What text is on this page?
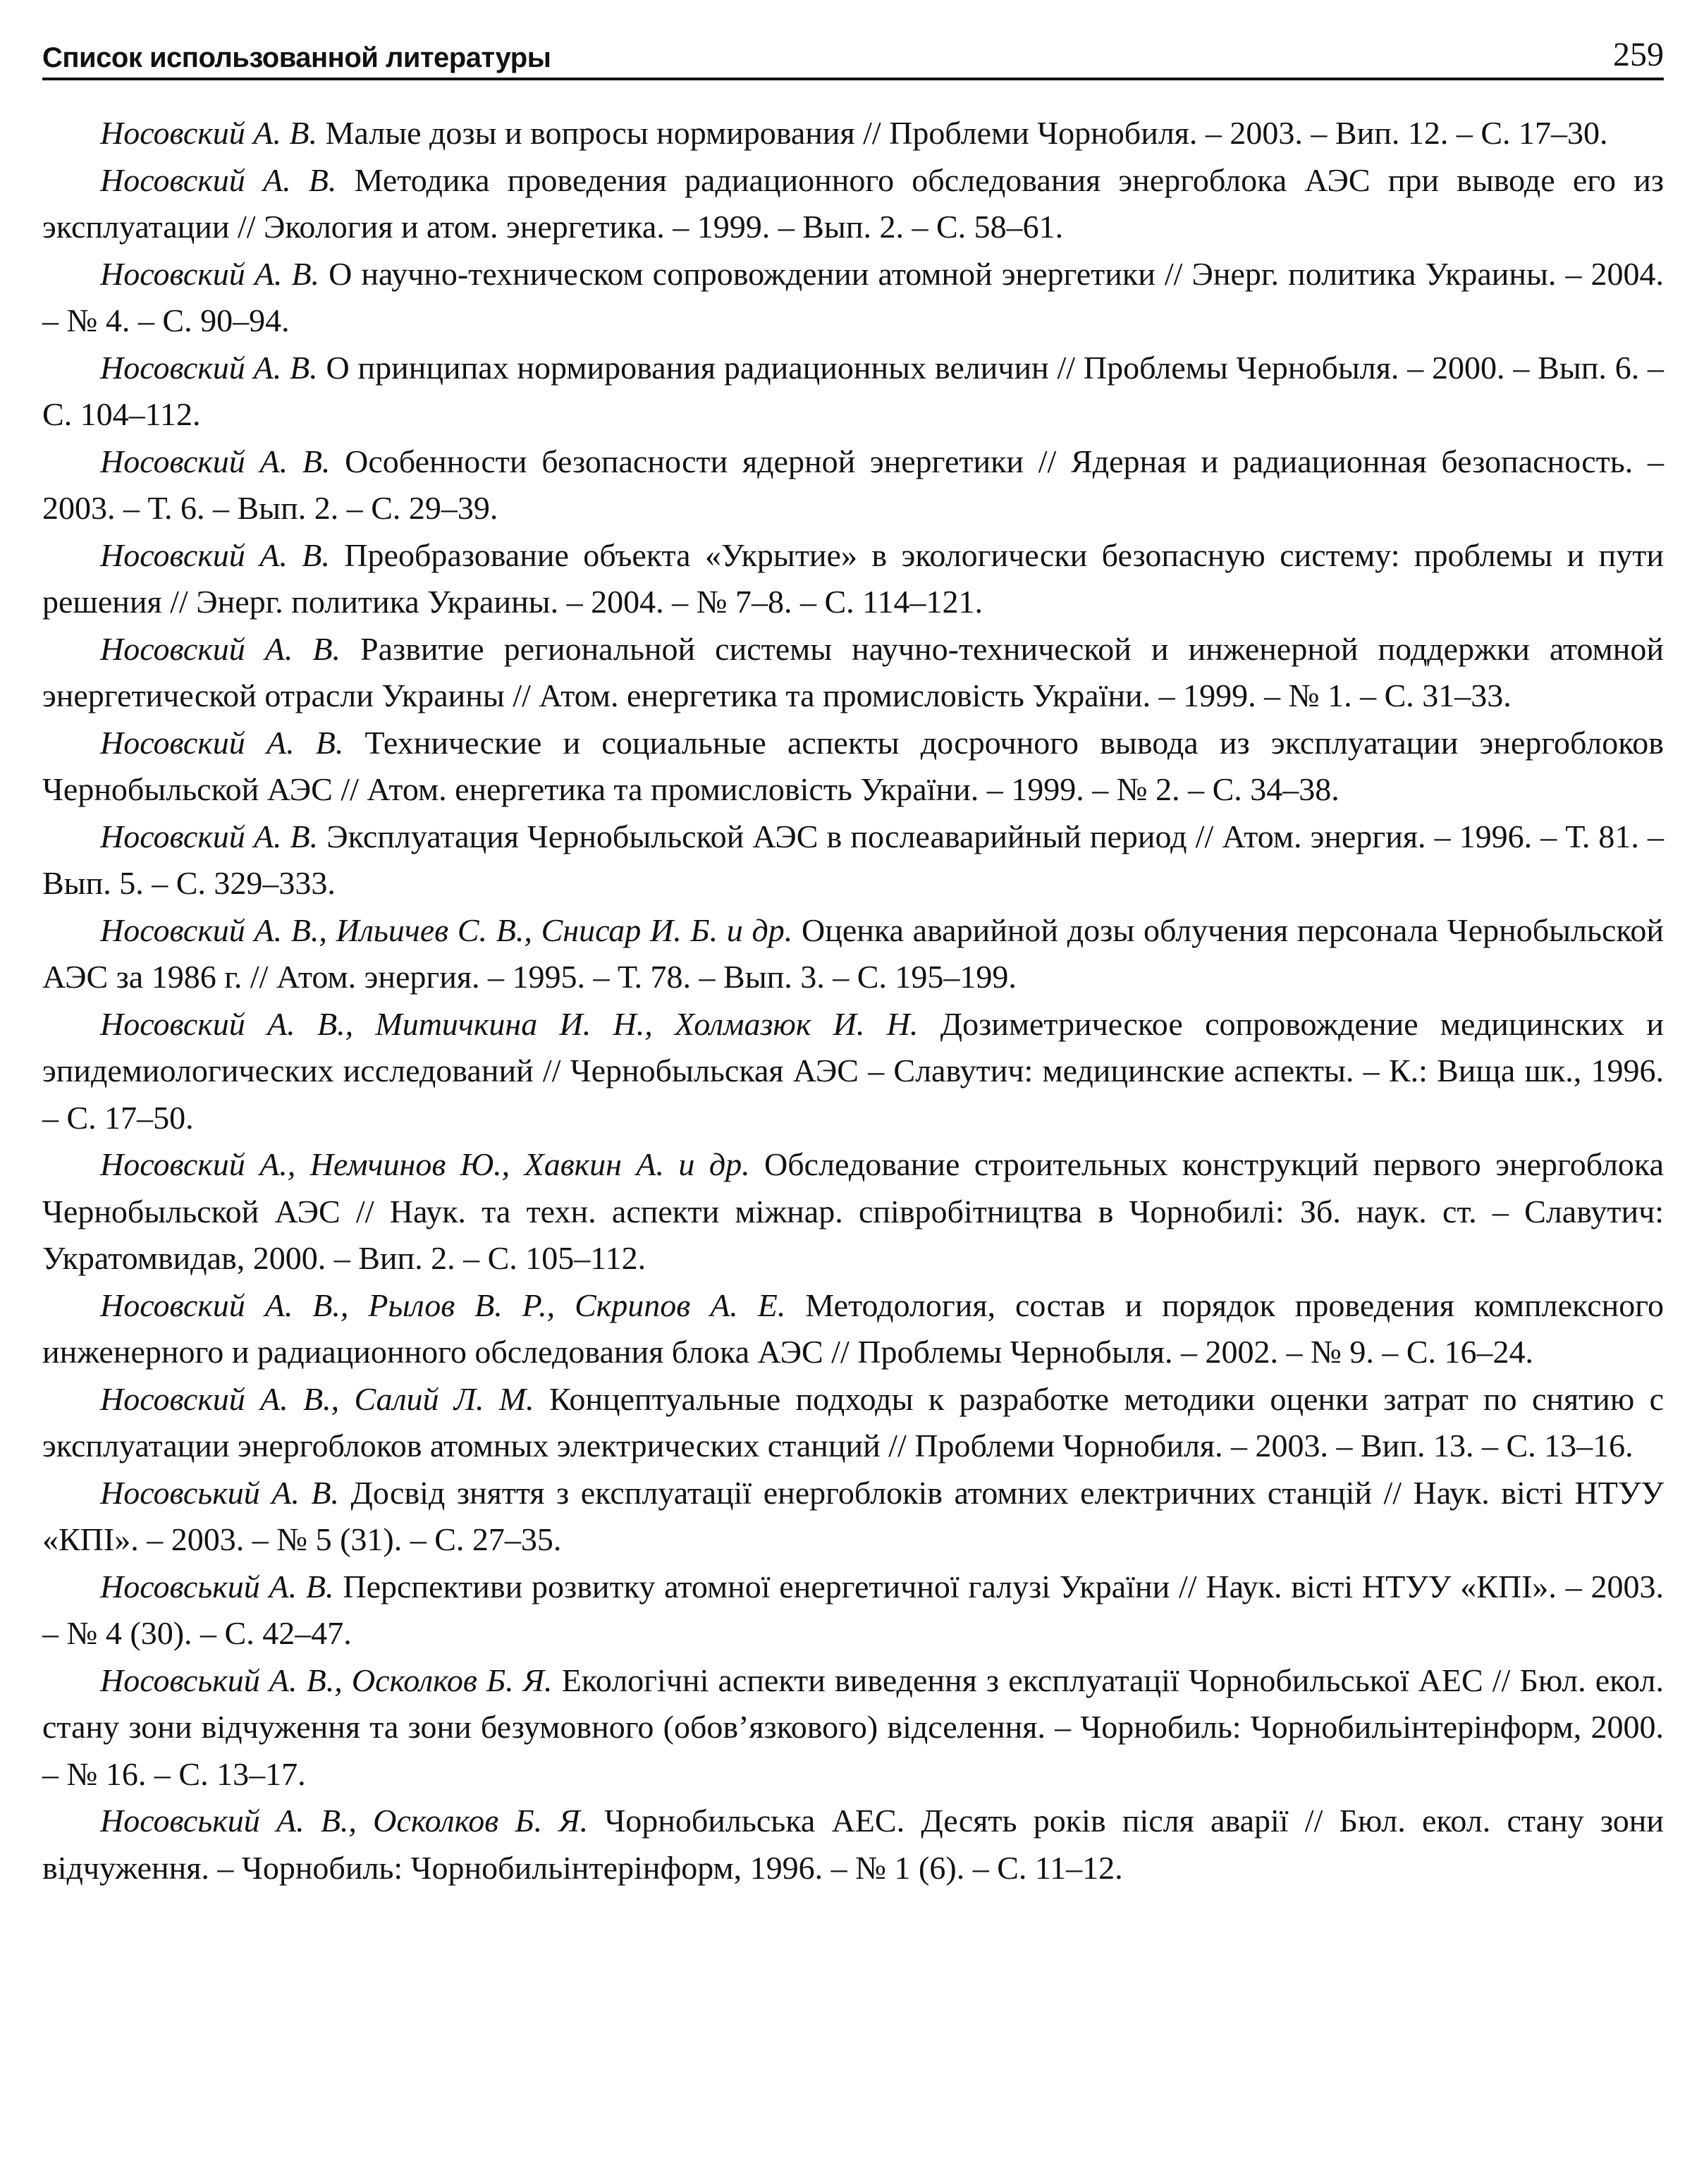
Список использованной литературы	259

Носовский А. В. Малые дозы и вопросы нормирования // Проблеми Чорнобиля. – 2003. – Вип. 12. – С. 17–30.

Носовский А. В. Методика проведения радиационного обследования энергоблока АЭС при выводе его из эксплуатации // Экология и атом. энергетика. – 1999. – Вып. 2. – С. 58–61.

Носовский А. В. О научно-техническом сопровождении атомной энергетики // Энерг. политика Украины. – 2004. – № 4. – С. 90–94.

Носовский А. В. О принципах нормирования радиационных величин // Проблемы Чернобыля. – 2000. – Вып. 6. – С. 104–112.

Носовский А. В. Особенности безопасности ядерной энергетики // Ядерная и радиационная безопасность. – 2003. – Т. 6. – Вып. 2. – С. 29–39.

Носовский А. В. Преобразование объекта «Укрытие» в экологически безопасную систему: проблемы и пути решения // Энерг. политика Украины. – 2004. – № 7–8. – С. 114–121.

Носовский А. В. Развитие региональной системы научно-технической и инженерной поддержки атомной энергетической отрасли Украины // Атом. енергетика та промисловість України. – 1999. – № 1. – С. 31–33.

Носовский А. В. Технические и социальные аспекты досрочного вывода из эксплуатации энергоблоков Чернобыльской АЭС // Атом. енергетика та промисловість України. – 1999. – № 2. – С. 34–38.

Носовский А. В. Эксплуатация Чернобыльской АЭС в послеаварийный период // Атом. энергия. – 1996. – Т. 81. – Вып. 5. – С. 329–333.

Носовский А. В., Ильичев С. В., Снисар И. Б. и др. Оценка аварийной дозы облучения персонала Чернобыльской АЭС за 1986 г. // Атом. энергия. – 1995. – Т. 78. – Вып. 3. – С. 195–199.

Носовский А. В., Митичкина И. Н., Холмазюк И. Н. Дозиметрическое сопровождение медицинских и эпидемиологических исследований // Чернобыльская АЭС – Славутич: медицинские аспекты. – К.: Вища шк., 1996. – С. 17–50.

Носовский А., Немчинов Ю., Хавкин А. и др. Обследование строительных конструкций первого энергоблока Чернобыльской АЭС // Наук. та техн. аспекти міжнар. співробітництва в Чорнобилі: Зб. наук. ст. – Славутич: Укратомвидав, 2000. – Вип. 2. – С. 105–112.

Носовский А. В., Рылов В. Р., Скрипов А. Е. Методология, состав и порядок проведения комплексного инженерного и радиационного обследования блока АЭС // Проблемы Чернобыля. – 2002. – № 9. – С. 16–24.

Носовский А. В., Салий Л. М. Концептуальные подходы к разработке методики оценки затрат по снятию с эксплуатации энергоблоков атомных электрических станций // Проблеми Чорнобиля. – 2003. – Вип. 13. – С. 13–16.

Носовський А. В. Досвід зняття з експлуатації енергоблоків атомних електричних станцій // Наук. вісті НТУУ «КПІ». – 2003. – № 5 (31). – С. 27–35.

Носовський А. В. Перспективи розвитку атомної енергетичної галузі України // Наук. вісті НТУУ «КПІ». – 2003. – № 4 (30). – С. 42–47.

Носовський А. В., Осколков Б. Я. Екологічні аспекти виведення з експлуатації Чорнобильської АЕС // Бюл. екол. стану зони відчуження та зони безумовного (обов’язкового) відселення. – Чорнобиль: Чорнобильінтерінформ, 2000. – № 16. – С. 13–17.

Носовський А. В., Осколков Б. Я. Чорнобильська АЕС. Десять років після аварії // Бюл. екол. стану зони відчуження. – Чорнобиль: Чорнобильінтерінформ, 1996. – № 1 (6). – С. 11–12.
